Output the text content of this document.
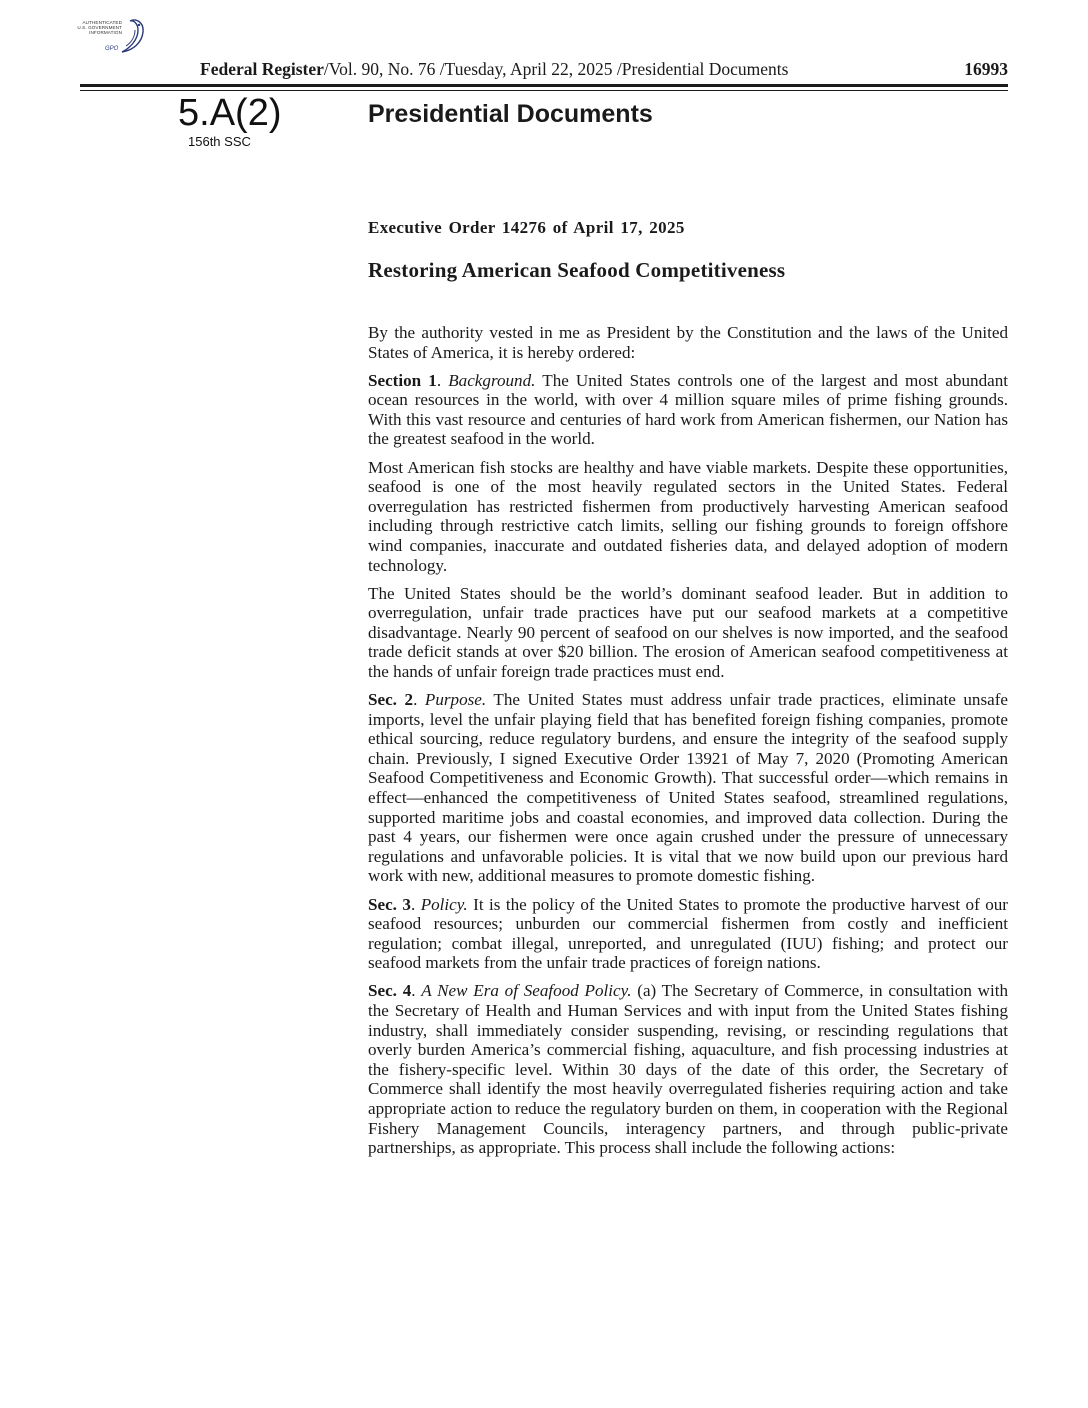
AUTHENTICATED
U.S. GOVERNMENT
INFORMATION
GPO
Federal Register/Vol. 90, No. 76 /Tuesday, April 22, 2025 /Presidential Documents	16993
5.A(2)
156th SSC
Presidential Documents
Executive Order 14276 of April 17, 2025
Restoring American Seafood Competitiveness

By the authority vested in me as President by the Constitution and the laws of the United States of America, it is hereby ordered:

Section 1. Background. The United States controls one of the largest and most abundant ocean resources in the world, with over 4 million square miles of prime fishing grounds. With this vast resource and centuries of hard work from American fishermen, our Nation has the greatest seafood in the world.

Most American fish stocks are healthy and have viable markets. Despite these opportunities, seafood is one of the most heavily regulated sectors in the United States. Federal overregulation has restricted fishermen from productively harvesting American seafood including through restrictive catch limits, selling our fishing grounds to foreign offshore wind companies, inaccurate and outdated fisheries data, and delayed adoption of modern technology.

The United States should be the world’s dominant seafood leader. But in addition to overregulation, unfair trade practices have put our seafood markets at a competitive disadvantage. Nearly 90 percent of seafood on our shelves is now imported, and the seafood trade deficit stands at over $20 billion. The erosion of American seafood competitiveness at the hands of unfair foreign trade practices must end.

Sec. 2. Purpose. The United States must address unfair trade practices, eliminate unsafe imports, level the unfair playing field that has benefited foreign fishing companies, promote ethical sourcing, reduce regulatory burdens, and ensure the integrity of the seafood supply chain. Previously, I signed Executive Order 13921 of May 7, 2020 (Promoting American Seafood Competitiveness and Economic Growth). That successful order—which remains in effect—enhanced the competitiveness of United States seafood, streamlined regulations, supported maritime jobs and coastal economies, and improved data collection. During the past 4 years, our fishermen were once again crushed under the pressure of unnecessary regulations and unfavorable policies. It is vital that we now build upon our previous hard work with new, additional measures to promote domestic fishing.

Sec. 3. Policy. It is the policy of the United States to promote the productive harvest of our seafood resources; unburden our commercial fishermen from costly and inefficient regulation; combat illegal, unreported, and unregulated (IUU) fishing; and protect our seafood markets from the unfair trade practices of foreign nations.

Sec. 4. A New Era of Seafood Policy. (a) The Secretary of Commerce, in consultation with the Secretary of Health and Human Services and with input from the United States fishing industry, shall immediately consider suspending, revising, or rescinding regulations that overly burden America’s commercial fishing, aquaculture, and fish processing industries at the fishery-specific level. Within 30 days of the date of this order, the Secretary of Commerce shall identify the most heavily overregulated fisheries requiring action and take appropriate action to reduce the regulatory burden on them, in cooperation with the Regional Fishery Management Councils, interagency partners, and through public-private partnerships, as appropriate. This process shall include the following actions:
